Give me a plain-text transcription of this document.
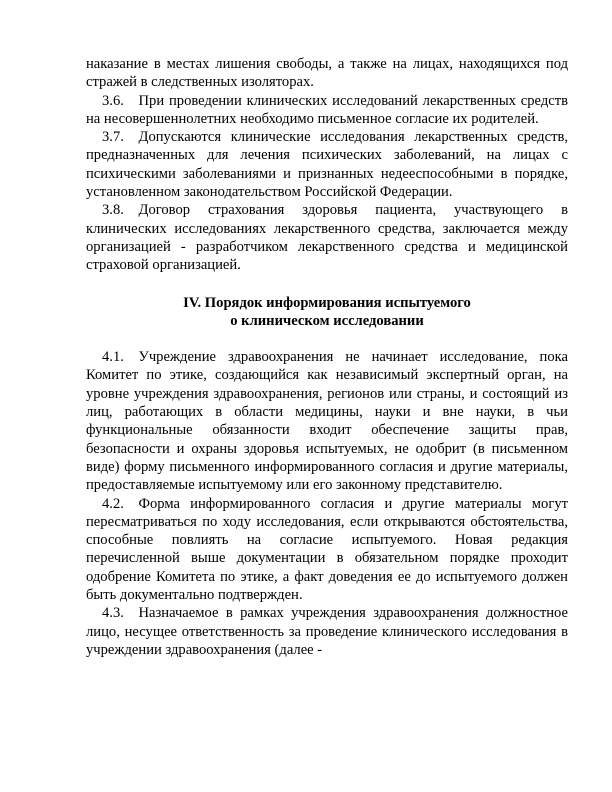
наказание в местах лишения свободы, а также на лицах, находящихся под стражей в следственных изоляторах.

3.6. При проведении клинических исследований лекарственных средств на несовершеннолетних необходимо письменное согласие их родителей.

3.7. Допускаются клинические исследования лекарственных средств, предназначенных для лечения психических заболеваний, на лицах с психическими заболеваниями и признанных недееспособными в порядке, установленном законодательством Российской Федерации.

3.8. Договор страхования здоровья пациента, участвующего в клинических исследованиях лекарственного средства, заключается между организацией - разработчиком лекарственного средства и медицинской страховой организацией.

IV. Порядок информирования испытуемого
о клиническом исследовании

4.1. Учреждение здравоохранения не начинает исследование, пока Комитет по этике, создающийся как независимый экспертный орган, на уровне учреждения здравоохранения, регионов или страны, и состоящий из лиц, работающих в области медицины, науки и вне науки, в чьи функциональные обязанности входит обеспечение защиты прав, безопасности и охраны здоровья испытуемых, не одобрит (в письменном виде) форму письменного информированного согласия и другие материалы, предоставляемые испытуемому или его законному представителю.

4.2. Форма информированного согласия и другие материалы могут пересматриваться по ходу исследования, если открываются обстоятельства, способные повлиять на согласие испытуемого. Новая редакция перечисленной выше документации в обязательном порядке проходит одобрение Комитета по этике, а факт доведения ее до испытуемого должен быть документально подтвержден.

4.3. Назначаемое в рамках учреждения здравоохранения должностное лицо, несущее ответственность за проведение клинического исследования в учреждении здравоохранения (далее -
